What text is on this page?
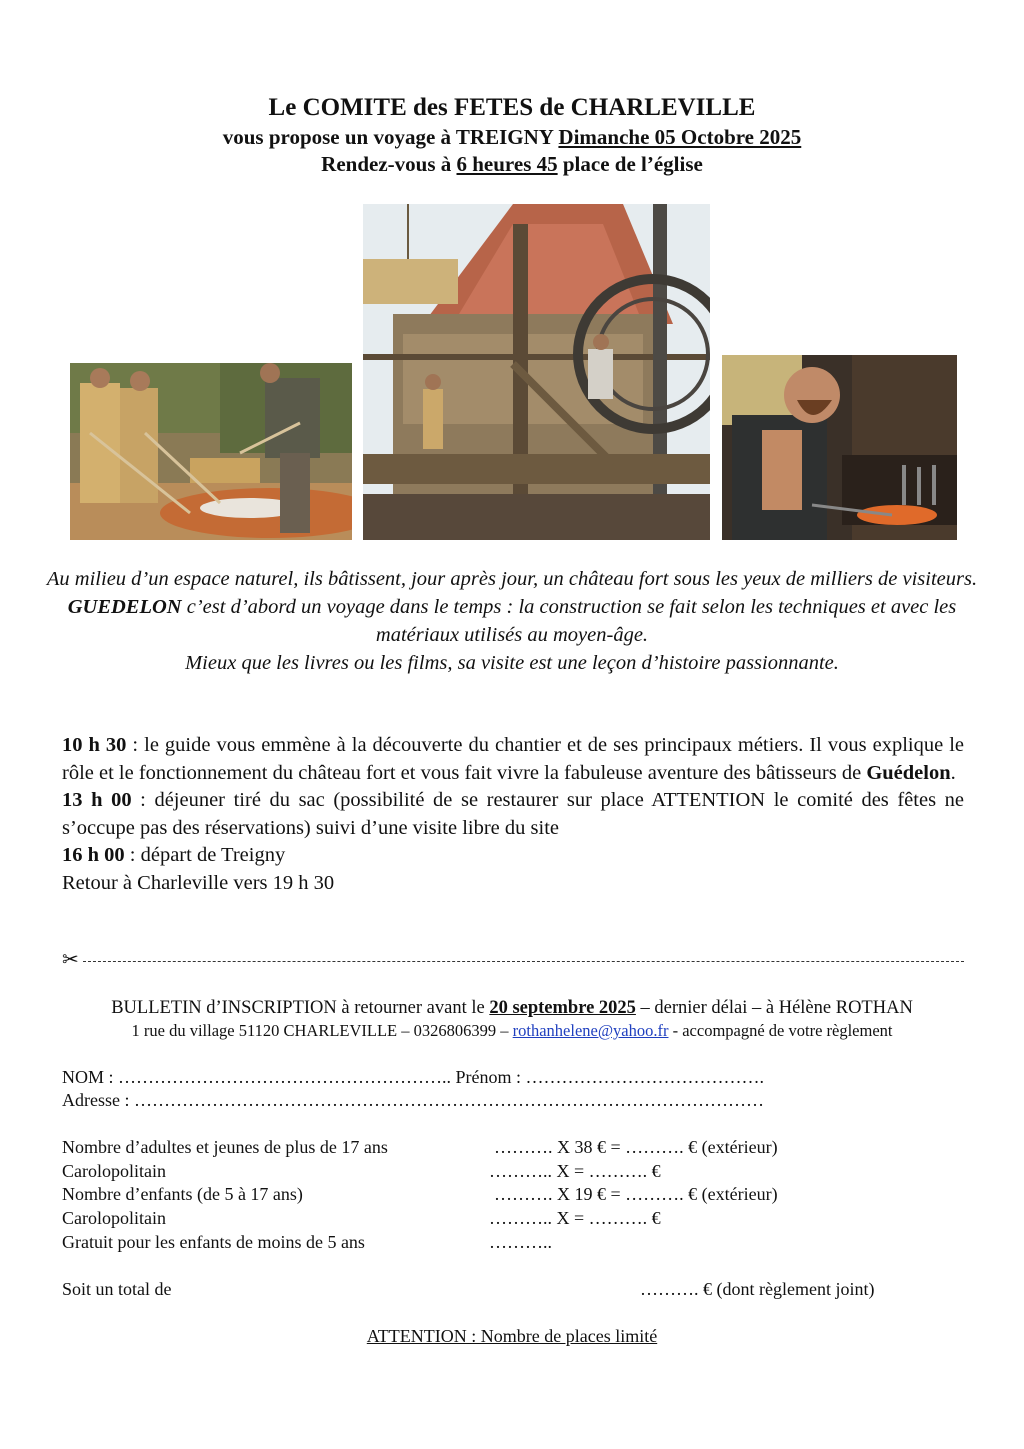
Le COMITE des FETES de CHARLEVILLE
vous propose un voyage à TREIGNY Dimanche 05 Octobre 2025
Rendez-vous à 6 heures 45 place de l’église
Au milieu d’un espace naturel, ils bâtissent, jour après jour, un château fort sous les yeux de milliers de visiteurs.
GUEDELON c’est d’abord un voyage dans le temps : la construction se fait selon les techniques et avec les matériaux utilisés au moyen-âge.
Mieux que les livres ou les films, sa visite est une leçon d’histoire passionnante.

10 h 30 : le guide vous emmène à la découverte du chantier et de ses principaux métiers. Il vous explique le rôle et le fonctionnement du château fort et vous fait vivre la fabuleuse aventure des bâtisseurs de Guédelon.

13 h 00 : déjeuner tiré du sac (possibilité de se restaurer sur place ATTENTION le comité des fêtes ne s’occupe pas des réservations) suivi d’une visite libre du site

16 h 00 : départ de Treigny

Retour à Charleville vers 19 h 30

✂
BULLETIN d’INSCRIPTION à retourner avant le 20 septembre 2025 – dernier délai – à Hélène ROTHAN
1 rue du village 51120 CHARLEVILLE – 0326806399 – rothanhelene@yahoo.fr - accompagné de votre règlement
NOM : ……………………………………………….. Prénom : ………………………………….
Adresse : ……………………………………………………………………………………………
Nombre d’adultes et jeunes de plus de 17 ans	………. X 38 € = ………. € (extérieur)
Carolopolitain	……….. X = ………. €
Nombre d’enfants (de 5 à 17 ans)	………. X 19 € = ………. € (extérieur)
Carolopolitain	……….. X = ………. €
Gratuit pour les enfants de moins de 5 ans	………..
Soit un total de	………. € (dont règlement joint)
ATTENTION : Nombre de places limité
